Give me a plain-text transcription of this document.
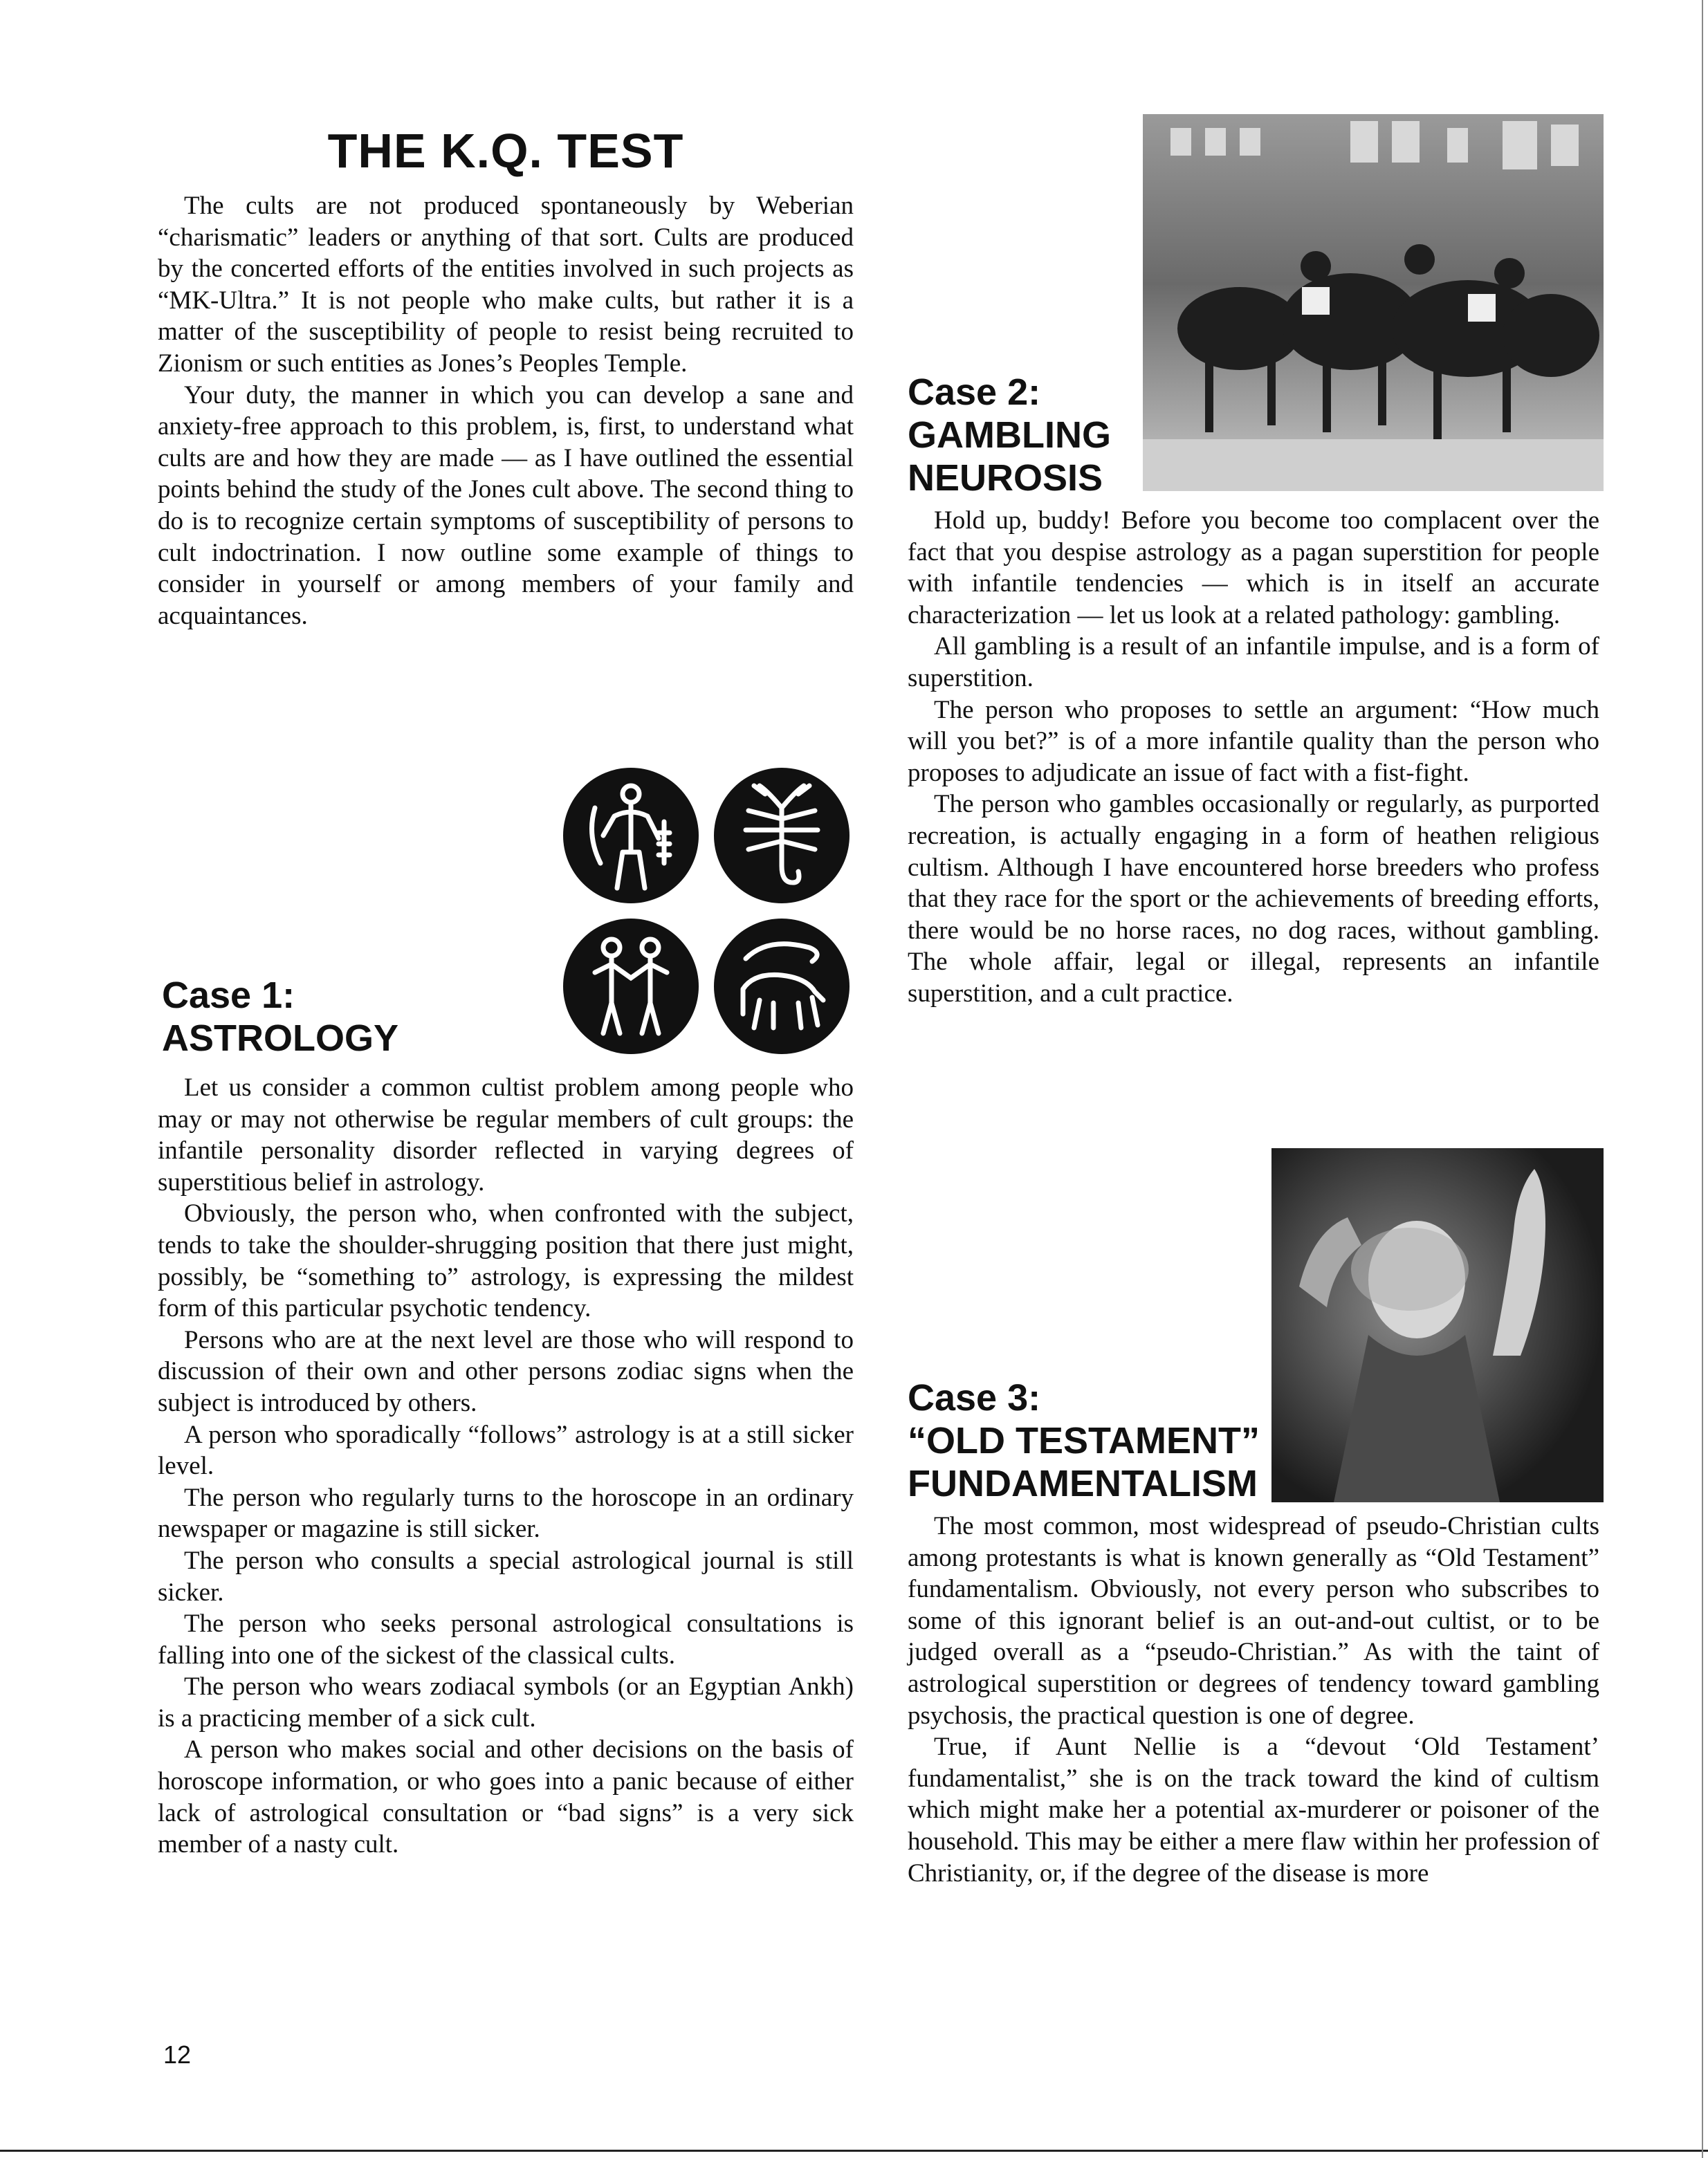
THE K.Q. TEST

The cults are not produced spontaneously by Weberian “charismatic” leaders or anything of that sort. Cults are produced by the concerted efforts of the entities involved in such projects as “MK-Ultra.” It is not people who make cults, but rather it is a matter of the susceptibility of people to resist being recruited to Zionism or such entities as Jones’s Peoples Temple.

Your duty, the manner in which you can develop a sane and anxiety-free approach to this problem, is, first, to understand what cults are and how they are made — as I have outlined the essential points behind the study of the Jones cult above. The second thing to do is to recognize certain symptoms of susceptibility of persons to cult indoctrination. I now outline some example of things to consider in yourself or among members of your family and acquaintances.

Case 1:
ASTROLOGY

Let us consider a common cultist problem among people who may or may not otherwise be regular members of cult groups: the infantile personality disorder reflected in varying degrees of superstitious belief in astrology.

Obviously, the person who, when confronted with the subject, tends to take the shoulder-shrugging position that there just might, possibly, be “something to” astrology, is expressing the mildest form of this particular psychotic tendency.

Persons who are at the next level are those who will respond to discussion of their own and other persons zodiac signs when the subject is introduced by others.

A person who sporadically “follows” astrology is at a still sicker level.

The person who regularly turns to the horoscope in an ordinary newspaper or magazine is still sicker.

The person who consults a special astrological journal is still sicker.

The person who seeks personal astrological consultations is falling into one of the sickest of the classical cults.

The person who wears zodiacal symbols (or an Egyptian Ankh) is a practicing member of a sick cult.

A person who makes social and other decisions on the basis of horoscope information, or who goes into a panic because of either lack of astrological consultation or “bad signs” is a very sick member of a nasty cult.

Case 2:
GAMBLING
NEUROSIS

Hold up, buddy! Before you become too complacent over the fact that you despise astrology as a pagan superstition for people with infantile tendencies — which is in itself an accurate characterization — let us look at a related pathology: gambling.

All gambling is a result of an infantile impulse, and is a form of superstition.

The person who proposes to settle an argument: “How much will you bet?” is of a more infantile quality than the person who proposes to adjudicate an issue of fact with a fist-fight.

The person who gambles occasionally or regularly, as purported recreation, is actually engaging in a form of heathen religious cultism. Although I have encountered horse breeders who profess that they race for the sport or the achievements of breeding efforts, there would be no horse races, no dog races, without gambling. The whole affair, legal or illegal, represents an infantile superstition, and a cult practice.

Case 3:
“OLD TESTAMENT”
FUNDAMENTALISM

The most common, most widespread of pseudo-Christian cults among protestants is what is known generally as “Old Testament” fundamentalism. Obviously, not every person who subscribes to some of this ignorant belief is an out-and-out cultist, or to be judged overall as a “pseudo-Christian.” As with the taint of astrological superstition or degrees of tendency toward gambling psychosis, the practical question is one of degree.

True, if Aunt Nellie is a “devout ‘Old Testament’ fundamentalist,” she is on the track toward the kind of cultism which might make her a potential ax-murderer or poisoner of the household. This may be either a mere flaw within her profession of Christianity, or, if the degree of the disease is more

12
